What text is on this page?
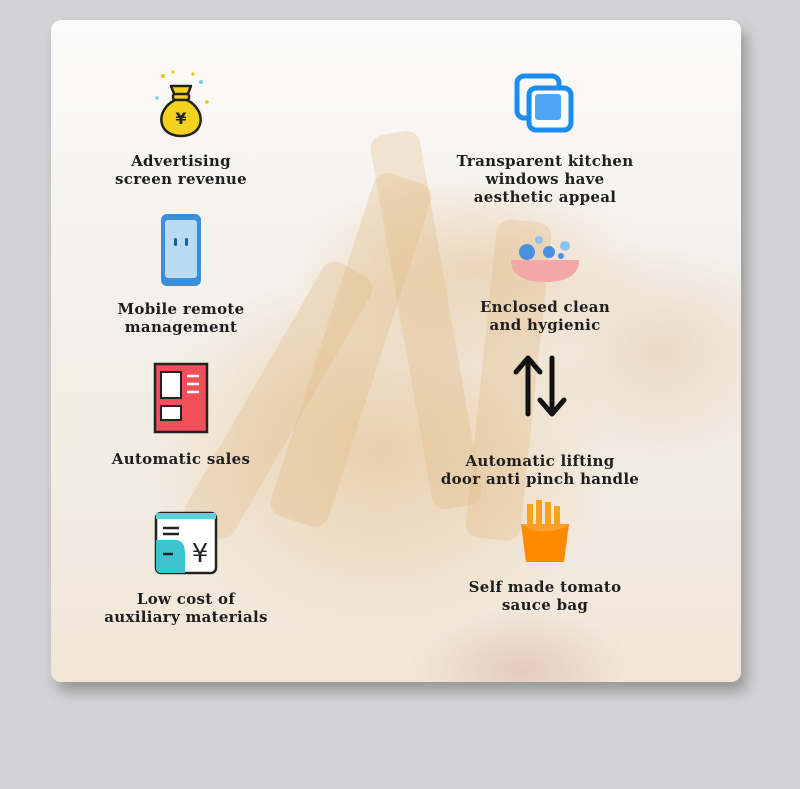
¥
Advertising
screen revenue
Mobile remote
management
Automatic sales
¥
Low cost of
auxiliary materials
Transparent kitchen
windows have
aesthetic appeal
Enclosed clean
and hygienic
Automatic lifting
door anti pinch handle
Self made tomato
sauce bag
